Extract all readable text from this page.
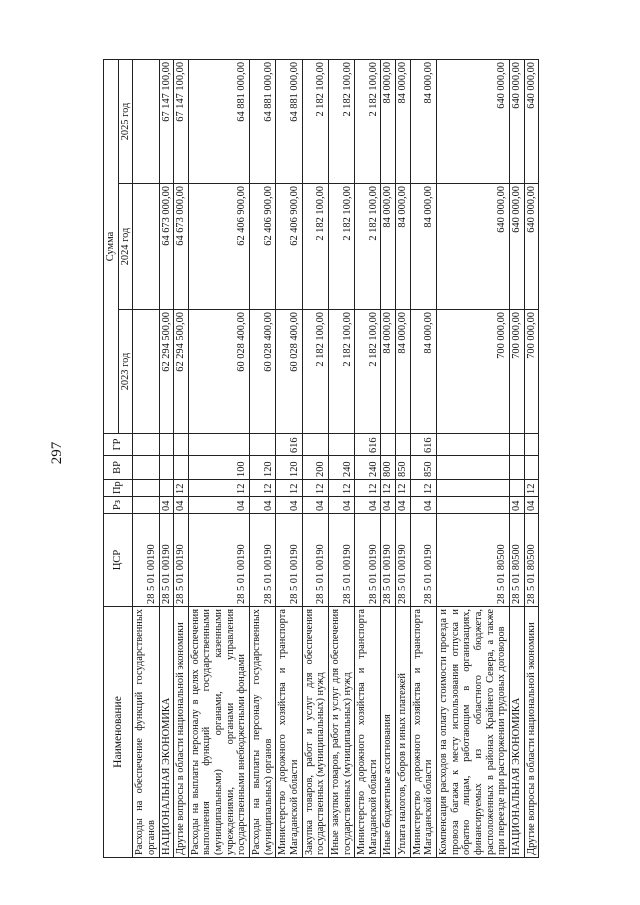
297
Наименование	ЦСР	Рз	Пр	ВР	ГР	Сумма		
						2023 год	2024 год	2025 год
Расходы на обеспечение функций государственных органов	28 5 01 00190							
НАЦИОНАЛЬНАЯ ЭКОНОМИКА	28 5 01 00190	04				62 294 500,00	64 673 000,00	67 147 100,00
Другие вопросы в области национальной экономики	28 5 01 00190	04	12			62 294 500,00	64 673 000,00	67 147 100,00
Расходы на выплаты персоналу в целях обеспечения выполнения функций государственными (муниципальными) органами, казенными учреждениями, органами управления государственными внебюджетными фондами	28 5 01 00190	04	12	100		60 028 400,00	62 406 900,00	64 881 000,00
Расходы на выплаты персоналу государственных (муниципальных) органов	28 5 01 00190	04	12	120		60 028 400,00	62 406 900,00	64 881 000,00
Министерство дорожного хозяйства и транспорта Магаданской области	28 5 01 00190	04	12	120	616	60 028 400,00	62 406 900,00	64 881 000,00
Закупка товаров, работ и услуг для обеспечения государственных (муниципальных) нужд	28 5 01 00190	04	12	200		2 182 100,00	2 182 100,00	2 182 100,00
Иные закупки товаров, работ и услуг для обеспечения государственных (муниципальных) нужд	28 5 01 00190	04	12	240		2 182 100,00	2 182 100,00	2 182 100,00
Министерство дорожного хозяйства и транспорта Магаданской области	28 5 01 00190	04	12	240	616	2 182 100,00	2 182 100,00	2 182 100,00
Иные бюджетные ассигнования	28 5 01 00190	04	12	800		84 000,00	84 000,00	84 000,00
Уплата налогов, сборов и иных платежей	28 5 01 00190	04	12	850		84 000,00	84 000,00	84 000,00
Министерство дорожного хозяйства и транспорта Магаданской области	28 5 01 00190	04	12	850	616	84 000,00	84 000,00	84 000,00
Компенсация расходов на оплату стоимости проезда и провоза багажа к месту использования отпуска и обратно лицам, работающим в организациях, финансируемых из областного бюджета, расположенных в районах Крайнего Севера, а также при переезде при расторжении трудовых договоров	28 5 01 80500					700 000,00	640 000,00	640 000,00
НАЦИОНАЛЬНАЯ ЭКОНОМИКА	28 5 01 80500	04				700 000,00	640 000,00	640 000,00
Другие вопросы в области национальной экономики	28 5 01 80500	04	12			700 000,00	640 000,00	640 000,00
